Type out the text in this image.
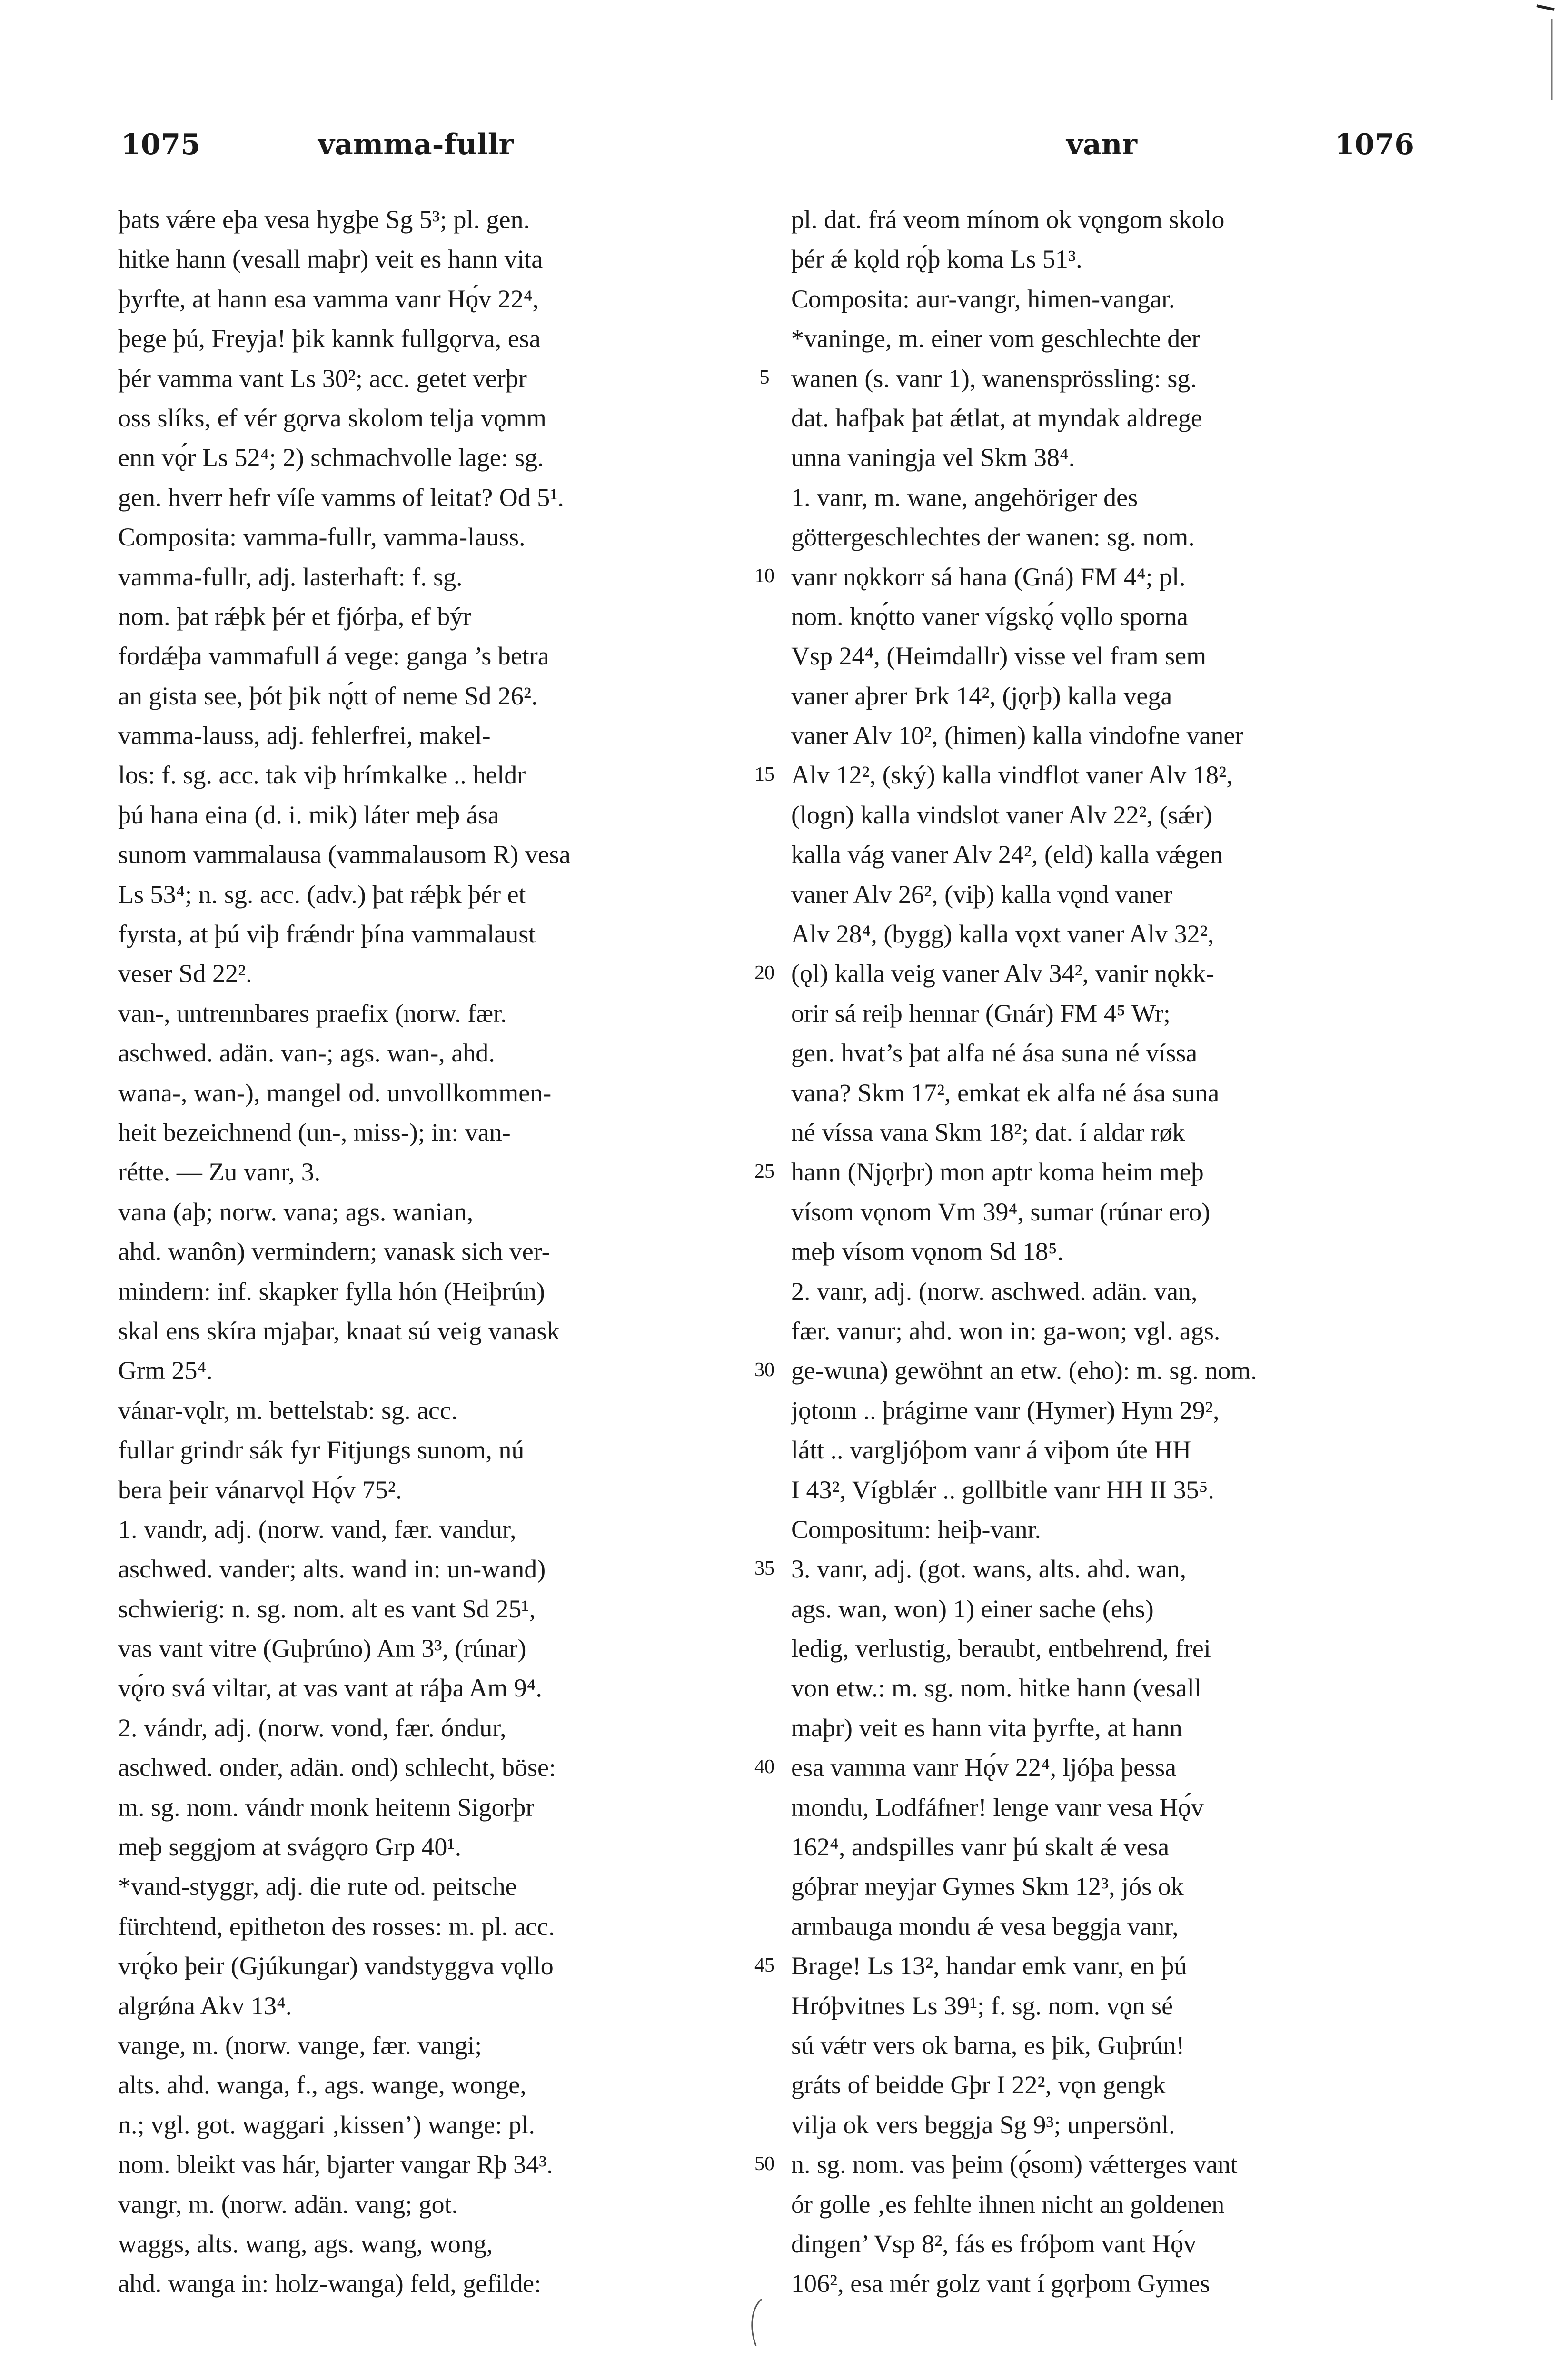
1075	vamma-fullr	vanr	1076
þats vǽre eþa vesa hygþe Sg 5³; pl. gen.
hitke hann (vesall maþr) veit es hann vita
þyrfte, at hann esa vamma vanr Hǫ́v 22⁴,
þege þú, Freyja! þik kannk fullgǫrva, esa
þér vamma vant Ls 30²; acc. getet verþr
oss slíks, ef vér gǫrva skolom telja vǫmm
enn vǫ́r Ls 52⁴; 2) schmachvolle lage: sg.
gen. hverr hefr víſe vamms of leitat? Od 5¹.
Composita: vamma-fullr, vamma-lauss.
vamma-fullr, adj. lasterhaft: f. sg.
nom. þat rǽþk þér et fjórþa, ef býr
fordǽþa vammafull á vege: ganga ’s betra
an gista see, þót þik nǫ́tt of neme Sd 26².
vamma-lauss, adj. fehlerfrei, makel-
los: f. sg. acc. tak viþ hrímkalke .. heldr
þú hana eina (d. i. mik) láter meþ ása
sunom vammalausa (vammalausom R) vesa
Ls 53⁴; n. sg. acc. (adv.) þat rǽþk þér et
fyrsta, at þú viþ frǽndr þína vammalaust
veser Sd 22².
van-, untrennbares praefix (norw. fær.
aschwed. adän. van-; ags. wan-, ahd.
wana-, wan-), mangel od. unvollkommen-
heit bezeichnend (un-, miss-); in: van-
rétte. — Zu vanr, 3.
vana (aþ; norw. vana; ags. wanian,
ahd. wanôn) vermindern; vanask sich ver-
mindern: inf. skapker fylla hón (Heiþrún)
skal ens skíra mjaþar, knaat sú veig vanask
Grm 25⁴.
vánar-vǫlr, m. bettelstab: sg. acc.
fullar grindr sák fyr Fitjungs sunom, nú
bera þeir vánarvǫl Hǫ́v 75².
1. vandr, adj. (norw. vand, fær. vandur,
aschwed. vander; alts. wand in: un-wand)
schwierig: n. sg. nom. alt es vant Sd 25¹,
vas vant vitre (Guþrúno) Am 3³, (rúnar)
vǫ́ro svá viltar, at vas vant at ráþa Am 9⁴.
2. vándr, adj. (norw. vond, fær. óndur,
aschwed. onder, adän. ond) schlecht, böse:
m. sg. nom. vándr monk heitenn Sigorþr
meþ seggjom at svágǫro Grp 40¹.
*vand-styggr, adj. die rute od. peitsche
fürchtend, epitheton des rosses: m. pl. acc.
vrǫ́ko þeir (Gjúkungar) vandstyggva vǫllo
algrǿna Akv 13⁴.
vange, m. (norw. vange, fær. vangi;
alts. ahd. wanga, f., ags. wange, wonge,
n.; vgl. got. waggari ‚kissen’) wange: pl.
nom. bleikt vas hár, bjarter vangar Rþ 34³.
vangr, m. (norw. adän. vang; got.
waggs, alts. wang, ags. wang, wong,
ahd. wanga in: holz-wanga) feld, gefilde:
pl. dat. frá veom mínom ok vǫngom skolo
þér ǽ kǫld rǫ́þ koma Ls 51³.
Composita: aur-vangr, himen-vangar.
*vaninge, m. einer vom geschlechte der
wanen (s. vanr 1), wanensprössling: sg.
dat. hafþak þat ǽtlat, at myndak aldrege
unna vaningja vel Skm 38⁴.
1. vanr, m. wane, angehöriger des
göttergeschlechtes der wanen: sg. nom.
vanr nǫkkorr sá hana (Gná) FM 4⁴; pl.
nom. knǫ́tto vaner vígskǫ́ vǫllo sporna
Vsp 24⁴, (Heimdallr) visse vel fram sem
vaner aþrer Þrk 14², (jǫrþ) kalla vega
vaner Alv 10², (himen) kalla vindofne vaner
Alv 12², (ský) kalla vindflot vaner Alv 18²,
(logn) kalla vindslot vaner Alv 22², (sǽr)
kalla vág vaner Alv 24², (eld) kalla vǽgen
vaner Alv 26², (viþ) kalla vǫnd vaner
Alv 28⁴, (bygg) kalla vǫxt vaner Alv 32²,
(ǫl) kalla veig vaner Alv 34², vanir nǫkk-
orir sá reiþ hennar (Gnár) FM 4⁵ Wr;
gen. hvat’s þat alfa né ása suna né víssa
vana? Skm 17², emkat ek alfa né ása suna
né víssa vana Skm 18²; dat. í aldar røk
hann (Njǫrþr) mon aptr koma heim meþ
vísom vǫnom Vm 39⁴, sumar (rúnar ero)
meþ vísom vǫnom Sd 18⁵.
2. vanr, adj. (norw. aschwed. adän. van,
fær. vanur; ahd. won in: ga-won; vgl. ags.
ge-wuna) gewöhnt an etw. (eho): m. sg. nom.
jǫtonn .. þrágirne vanr (Hymer) Hym 29²,
látt .. vargljóþom vanr á viþom úte HH
I 43², Vígblǽr .. gollbitle vanr HH II 35⁵.
Compositum: heiþ-vanr.
3. vanr, adj. (got. wans, alts. ahd. wan,
ags. wan, won) 1) einer sache (ehs)
ledig, verlustig, beraubt, entbehrend, frei
von etw.: m. sg. nom. hitke hann (vesall
maþr) veit es hann vita þyrfte, at hann
esa vamma vanr Hǫ́v 22⁴, ljóþa þessa
mondu, Lodfáfner! lenge vanr vesa Hǫ́v
162⁴, andspilles vanr þú skalt ǽ vesa
góþrar meyjar Gymes Skm 12³, jós ok
armbauga mondu ǽ vesa beggja vanr,
Brage! Ls 13², handar emk vanr, en þú
Hróþvitnes Ls 39¹; f. sg. nom. vǫn sé
sú vǽtr vers ok barna, es þik, Guþrún!
gráts of beidde Gþr I 22², vǫn gengk
vilja ok vers beggja Sg 9³; unpersönl.
n. sg. nom. vas þeim (ǫ́som) vǽtterges vant
ór golle ‚es fehlte ihnen nicht an goldenen
dingen’ Vsp 8², fás es fróþom vant Hǫ́v
106², esa mér golz vant í gǫrþom Gymes
5
10
15
20
25
30
35
40
45
50
